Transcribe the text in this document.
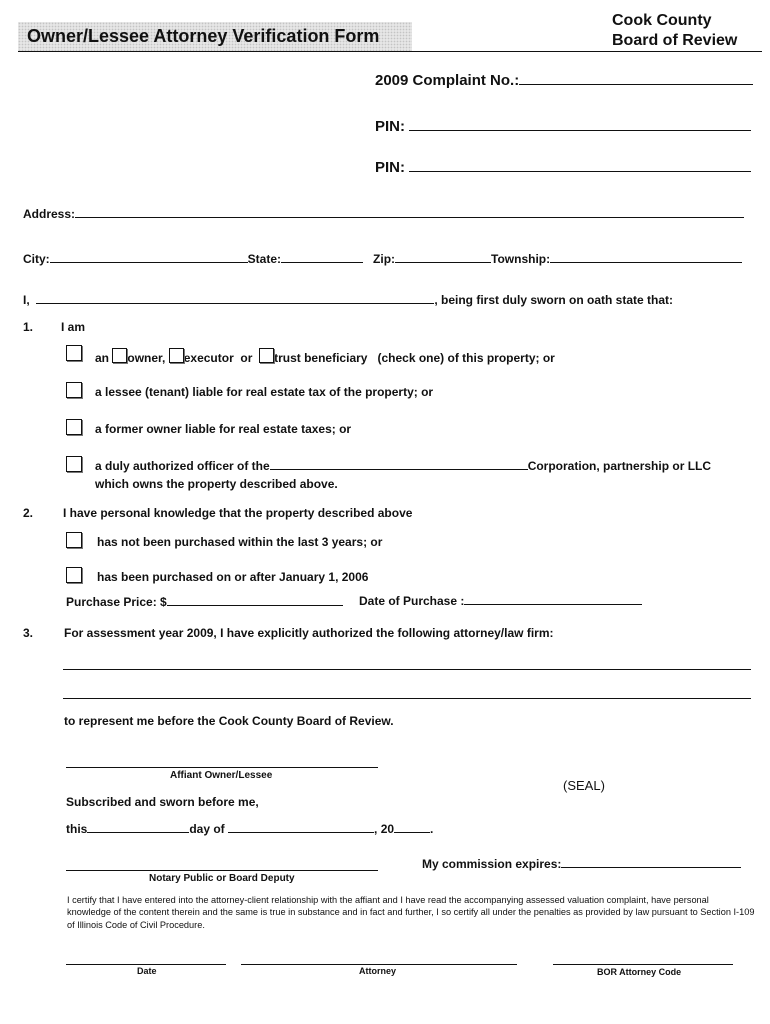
Owner/Lessee Attorney Verification Form
Cook County
Board of Review
2009 Complaint No.:
PIN:
PIN:
Address:
City:	State:	Zip:	Township:
I,	, being first duly sworn on oath state that:
1. I am
an owner, executor or trust beneficiary (check one) of this property; or
a lessee (tenant) liable for real estate tax of the property; or
a former owner liable for real estate taxes; or
a duly authorized officer of the	Corporation, partnership or LLC
which owns the property described above.
2. I have personal knowledge that the property described above
has not been purchased within the last 3 years; or
has been purchased on or after January 1, 2006
Purchase Price: $	Date of Purchase :
3.	For assessment year 2009, I have explicitly authorized the following attorney/law firm:
to represent me before the Cook County Board of Review.
Affiant Owner/Lessee
(SEAL)
Subscribed and sworn before me,
this	day of	, 20	.
My commission expires:
Notary Public or Board Deputy
I certify that I have entered into the attorney-client relationship with the affiant and I have read the accompanying assessed valuation complaint, have personal knowledge of the content therein and the same is true in substance and in fact and further, I so certify all under the penalties as provided by law pursuant to Section I-109 of Illinois Code of Civil Procedure.
Date	Attorney	BOR Attorney Code
